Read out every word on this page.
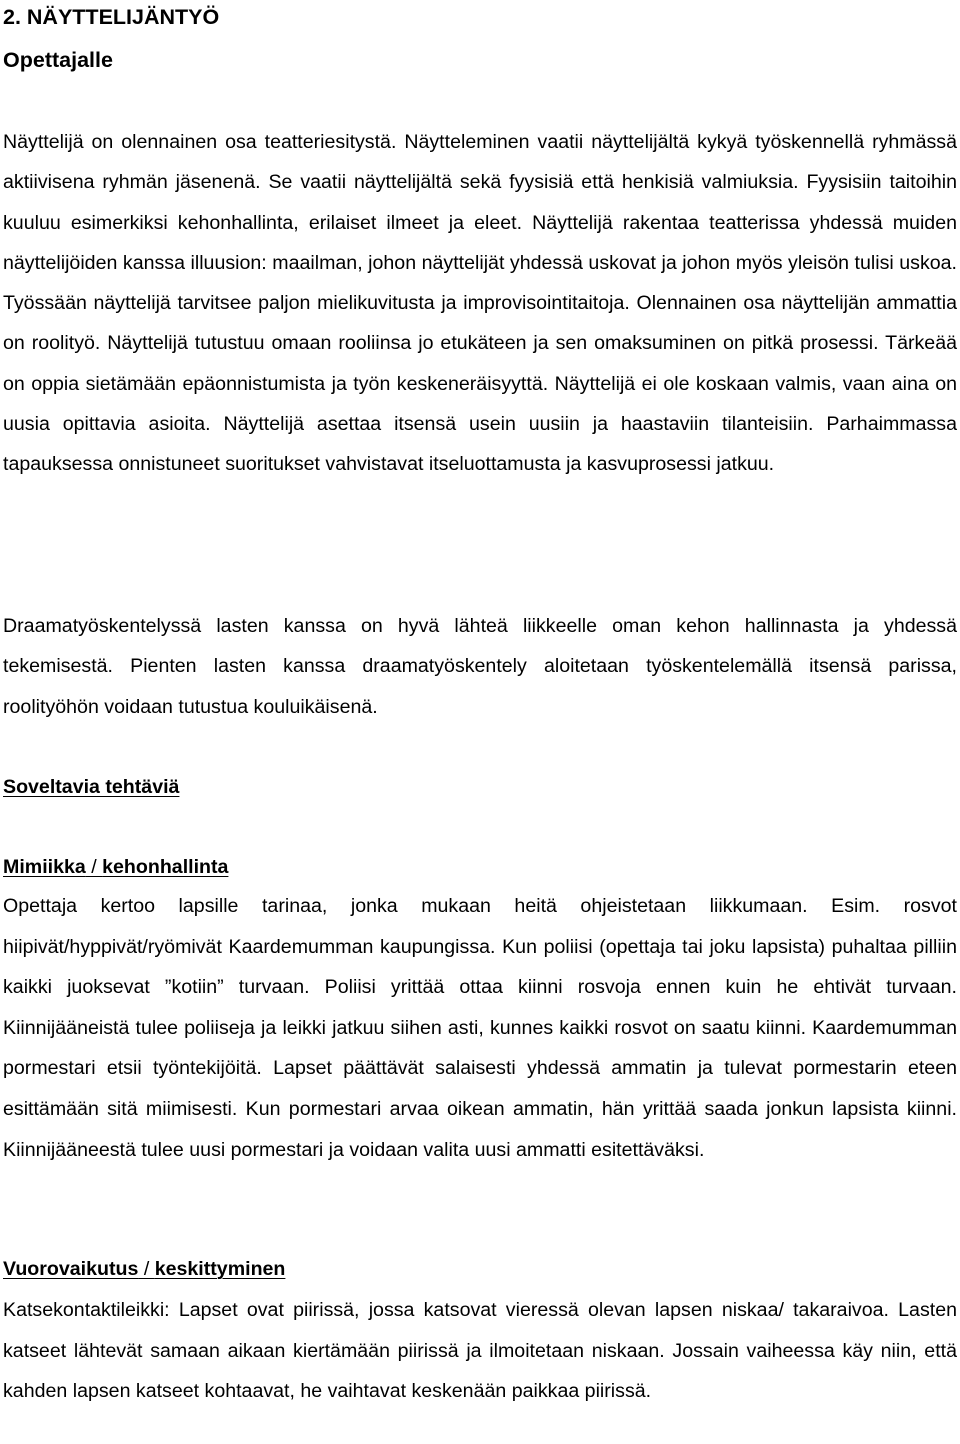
2. NÄYTTELIJÄNTYÖ
Opettajalle

Näyttelijä on olennainen osa teatteriesitystä. Näytteleminen vaatii näyttelijältä kykyä työskennellä ryhmässä aktiivisena ryhmän jäsenenä. Se vaatii näyttelijältä sekä fyysisiä että henkisiä valmiuksia. Fyysisiin taitoihin kuuluu esimerkiksi kehonhallinta, erilaiset ilmeet ja eleet. Näyttelijä rakentaa teatterissa yhdessä muiden näyttelijöiden kanssa illuusion: maailman, johon näyttelijät yhdessä uskovat ja johon myös yleisön tulisi uskoa. Työssään näyttelijä tarvitsee paljon mielikuvitusta ja improvisointitaitoja. Olennainen osa näyttelijän ammattia on roolityö. Näyttelijä tutustuu omaan rooliinsa jo etukäteen ja sen omaksuminen on pitkä prosessi. Tärkeää on oppia sietämään epäonnistumista ja työn keskeneräisyyttä. Näyttelijä ei ole koskaan valmis, vaan aina on uusia opittavia asioita. Näyttelijä asettaa itsensä usein uusiin ja haastaviin tilanteisiin. Parhaimmassa tapauksessa onnistuneet suoritukset vahvistavat itseluottamusta ja kasvuprosessi jatkuu.

Draamatyöskentelyssä lasten kanssa on hyvä lähteä liikkeelle oman kehon hallinnasta ja yhdessä tekemisestä. Pienten lasten kanssa draamatyöskentely aloitetaan työskentelemällä itsensä parissa, roolityöhön voidaan tutustua kouluikäisenä.

Soveltavia tehtäviä
Mimiikka / kehonhallinta

Opettaja kertoo lapsille tarinaa, jonka mukaan heitä ohjeistetaan liikkumaan. Esim. rosvot hiipivät/hyppivät/ryömivät Kaardemumman kaupungissa. Kun poliisi (opettaja tai joku lapsista) puhaltaa pilliin kaikki juoksevat ”kotiin” turvaan. Poliisi yrittää ottaa kiinni rosvoja ennen kuin he ehtivät turvaan. Kiinnijääneistä tulee poliiseja ja leikki jatkuu siihen asti, kunnes kaikki rosvot on saatu kiinni. Kaardemumman pormestari etsii työntekijöitä. Lapset päättävät salaisesti yhdessä ammatin ja tulevat pormestarin eteen esittämään sitä miimisesti. Kun pormestari arvaa oikean ammatin, hän yrittää saada jonkun lapsista kiinni. Kiinnijääneestä tulee uusi pormestari ja voidaan valita uusi ammatti esitettäväksi.

Vuorovaikutus / keskittyminen

Katsekontaktileikki: Lapset ovat piirissä, jossa katsovat vieressä olevan lapsen niskaa/ takaraivoa. Lasten katseet lähtevät samaan aikaan kiertämään piirissä ja ilmoitetaan niskaan. Jossain vaiheessa käy niin, että kahden lapsen katseet kohtaavat, he vaihtavat keskenään paikkaa piirissä.
